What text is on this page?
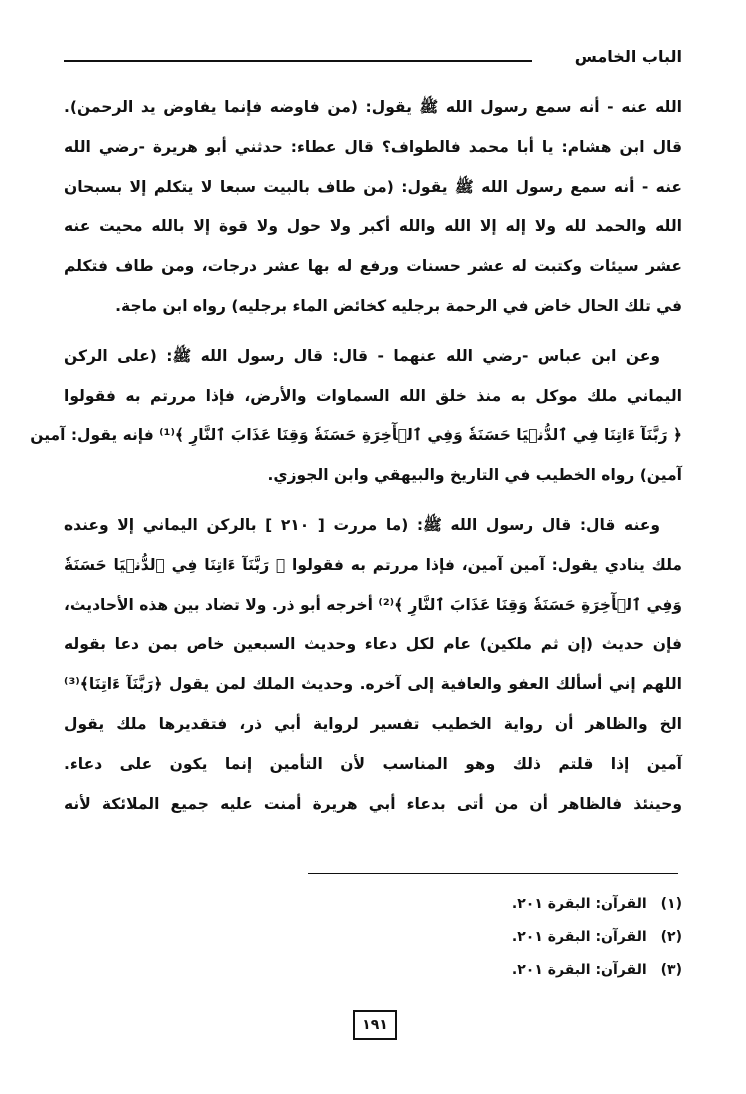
الباب الخامس
الله عنه - أنه سمع رسول الله ﷺ يقول: (من فاوضه فإنما يفاوض يد الرحمن).
قال ابن هشام: يا أبا محمد فالطواف؟ قال عطاء: حدثني أبو هريرة -رضي الله
عنه - أنه سمع رسول الله ﷺ يقول: (من طاف بالبيت سبعا لا يتكلم إلا بسبحان
الله والحمد لله ولا إله إلا الله والله أكبر ولا حول ولا قوة إلا بالله محيت عنه
عشر سيئات وكتبت له عشر حسنات ورفع له بها عشر درجات، ومن طاف فتكلم
في تلك الحال خاض في الرحمة برجليه كخائض الماء برجليه) رواه ابن ماجة.
وعن ابن عباس -رضي الله عنهما - قال: قال رسول الله ﷺ: (على الركن
اليماني ملك موكل به منذ خلق الله السماوات والأرض، فإذا مررتم به فقولوا
﴿ رَبَّنَآ ءَاتِنَا فِي ٱلدُّنۡيَا حَسَنَةٗ وَفِي ٱلۡأٓخِرَةِ حَسَنَةٗ وَقِنَا عَذَابَ ٱلنَّارِ ﴾⁽¹⁾ فإنه يقول: آمين
آمين) رواه الخطيب في التاريخ والبيهقي وابن الجوزي.
وعنه قال: قال رسول الله ﷺ: (ما مررت [ ٢١٠ ] بالركن اليماني إلا وعنده
ملك ينادي يقول: آمين آمين، فإذا مررتم به فقولوا ﴿ رَبَّنَآ ءَاتِنَا فِي ٱلدُّنۡيَا حَسَنَةٗ
وَفِي ٱلۡأٓخِرَةِ حَسَنَةٗ وَقِنَا عَذَابَ ٱلنَّارِ ﴾⁽²⁾ أخرجه أبو ذر. ولا تضاد بين هذه الأحاديث،
فإن حديث (إن ثم ملكين) عام لكل دعاء وحديث السبعين خاص بمن دعا بقوله
اللهم إني أسألك العفو والعافية إلى آخره. وحديث الملك لمن يقول ﴿رَبَّنَآ ءَاتِنَا﴾⁽³⁾
الخ والظاهر أن رواية الخطيب تفسير لرواية أبي ذر، فتقديرها ملك يقول
آمين إذا قلتم ذلك وهو المناسب لأن التأمين إنما يكون على دعاء.
وحينئذ فالظاهر أن من أتى بدعاء أبي هريرة أمنت عليه جميع الملائكة لأنه
(١)القرآن: البقرة ٢٠١.
(٢)القرآن: البقرة ٢٠١.
(٣)القرآن: البقرة ٢٠١.
١٩١
